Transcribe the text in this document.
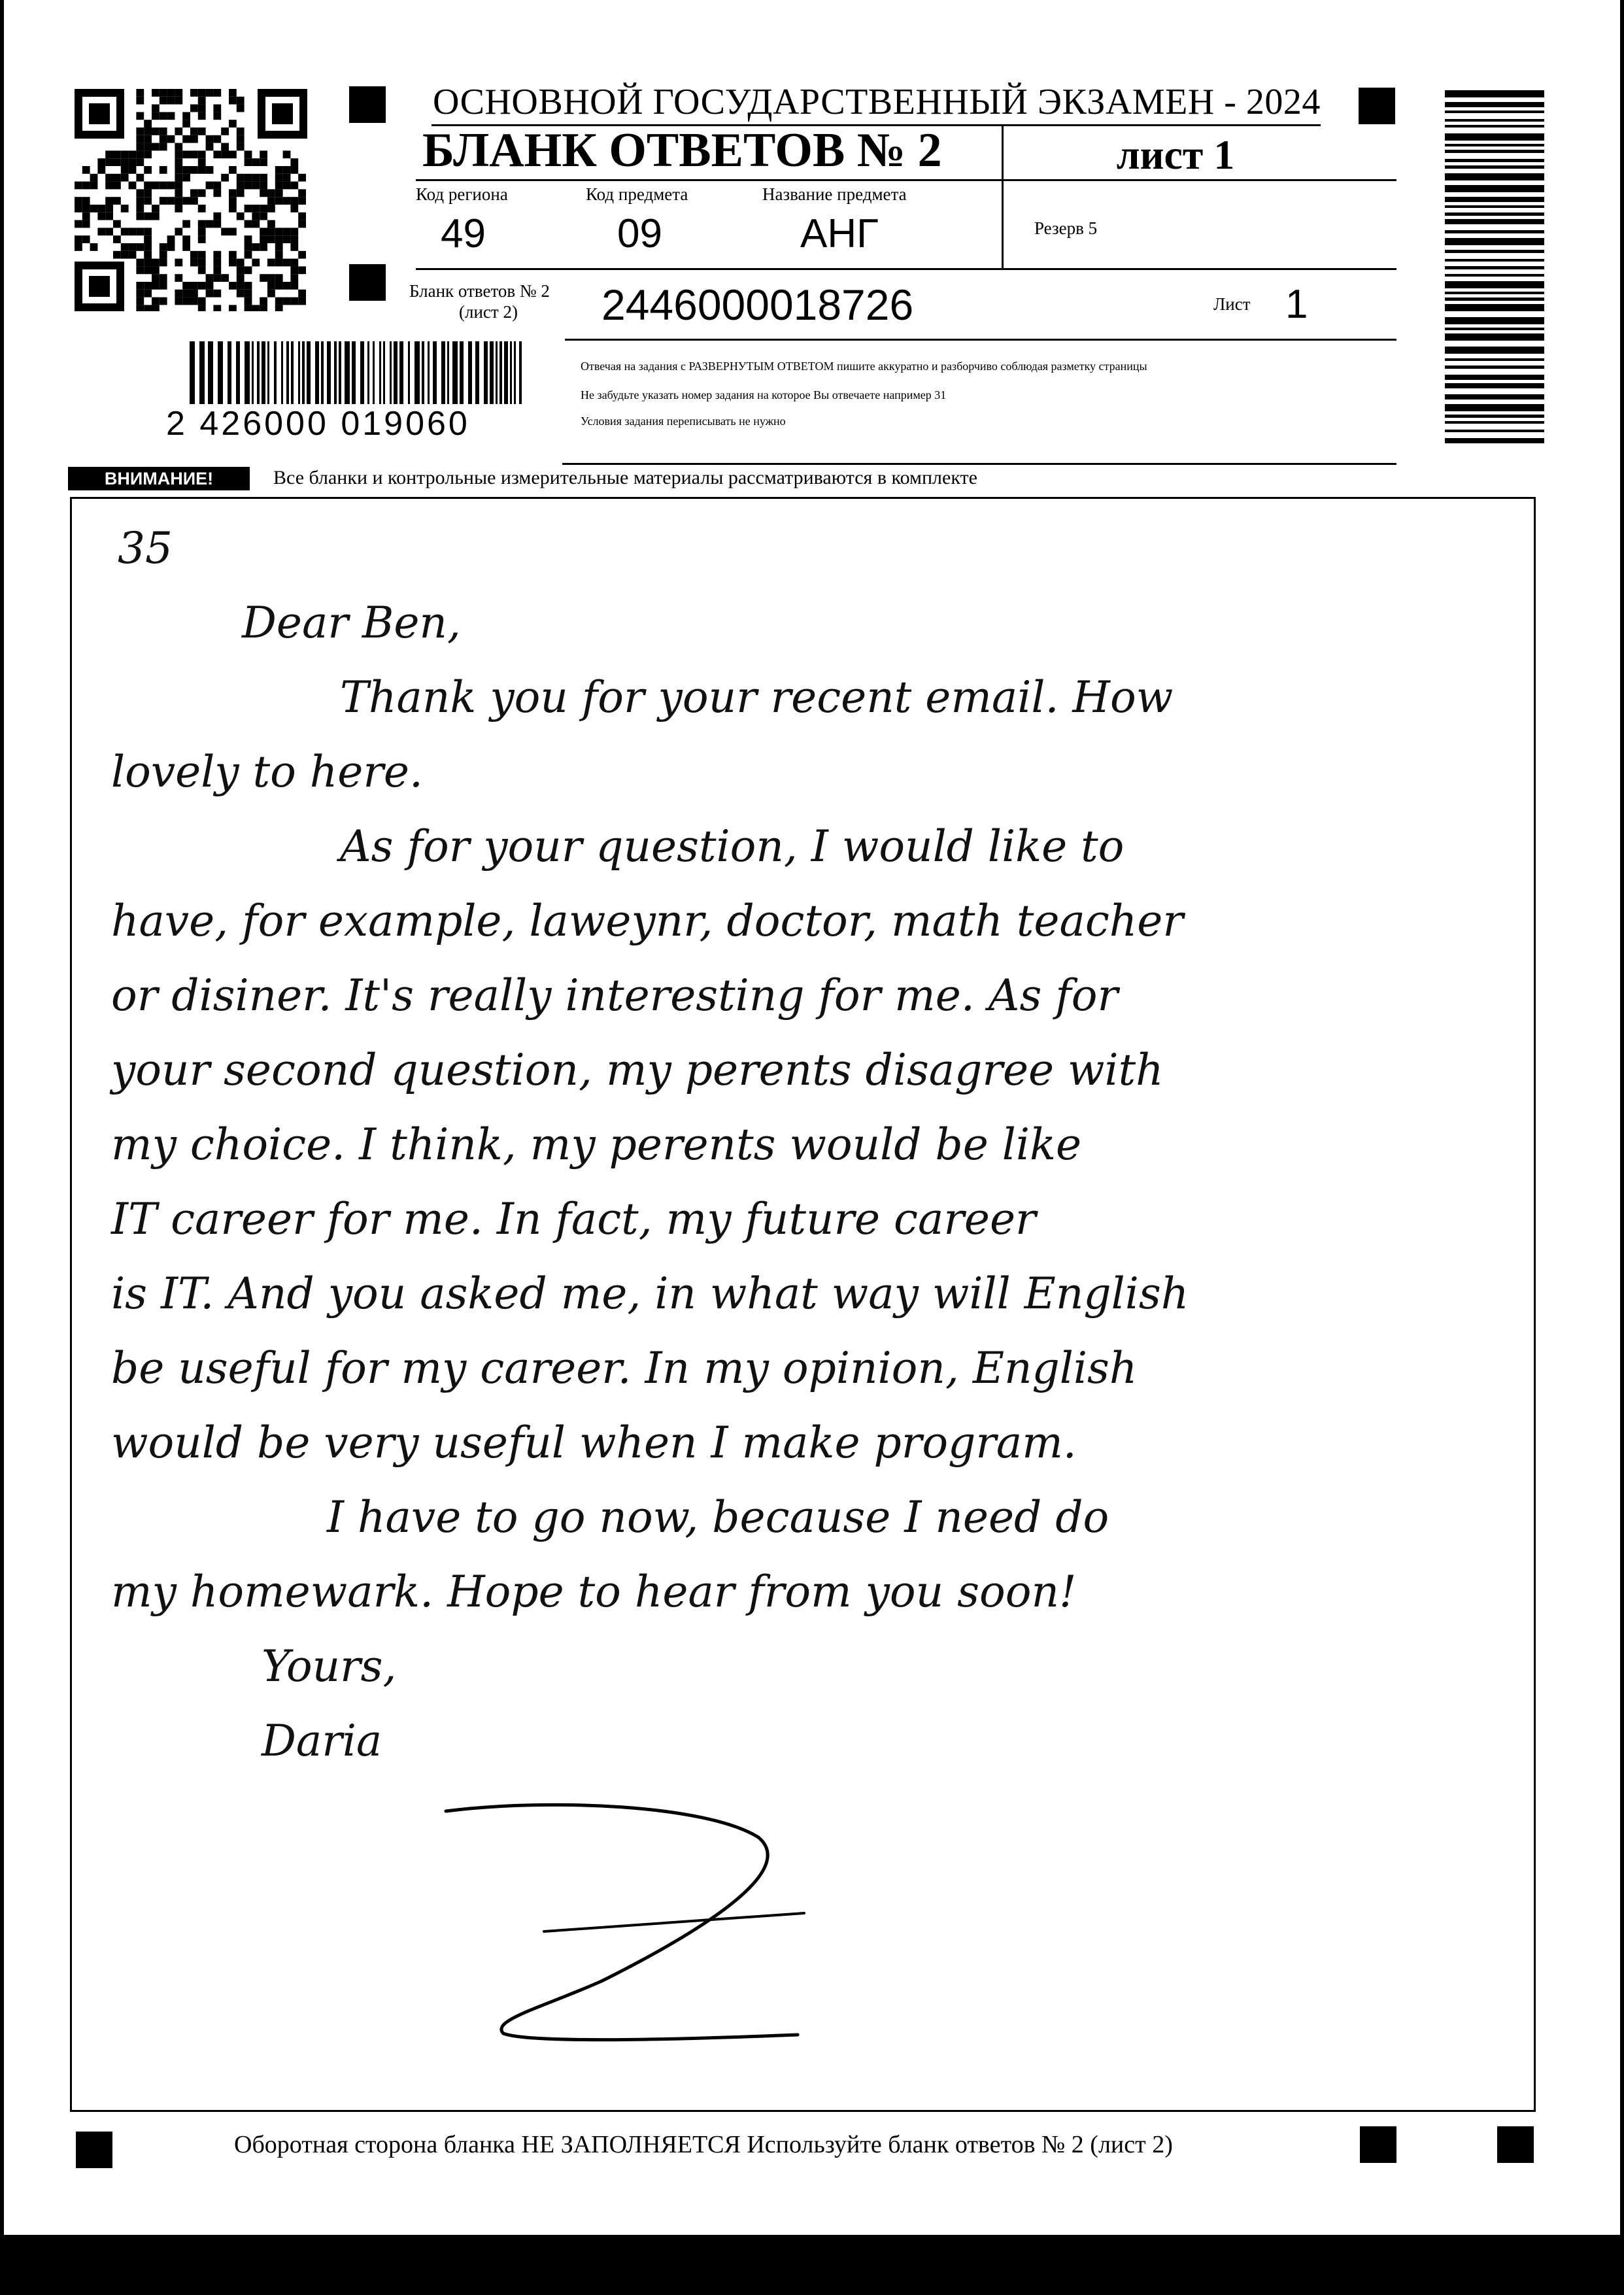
ОСНОВНОЙ ГОСУДАРСТВЕННЫЙ ЭКЗАМЕН - 2024
БЛАНК ОТВЕТОВ № 2	лист 1
Код региона
49
Код предмета
09
Название предмета
АНГ	Резерв 5
Бланк ответов № 2
(лист 2) 2446000018726	Лист 1
2 426000 019060
Отвечая на задания с РАЗВЕРНУТЫМ ОТВЕТОМ пишите аккуратно и разборчиво соблюдая разметку страницы
Не забудьте указать номер задания на которое Вы отвечаете например 31
Условия задания переписывать не нужно
ВНИМАНИЕ!	Все бланки и контрольные измерительные материалы рассматриваются в комплекте
35
Dear Ben,
Thank you for your recent email. How
lovely to here.
As for your question, I would like to
have, for example, laweynr, doctor, math teacher
or disiner. It's really interesting for me. As for
your second question, my perents disagree with
my choice. I think, my perents would be like
IT career for me. In fact, my future career
is IT. And you asked me, in what way will English
be useful for my career. In my opinion, English
would be very useful when I make program.
I have to go now, because I need do
my homewark. Hope to hear from you soon!
Yours,
Daria
Оборотная сторона бланка НЕ ЗАПОЛНЯЕТСЯ Используйте бланк ответов № 2 (лист 2)
